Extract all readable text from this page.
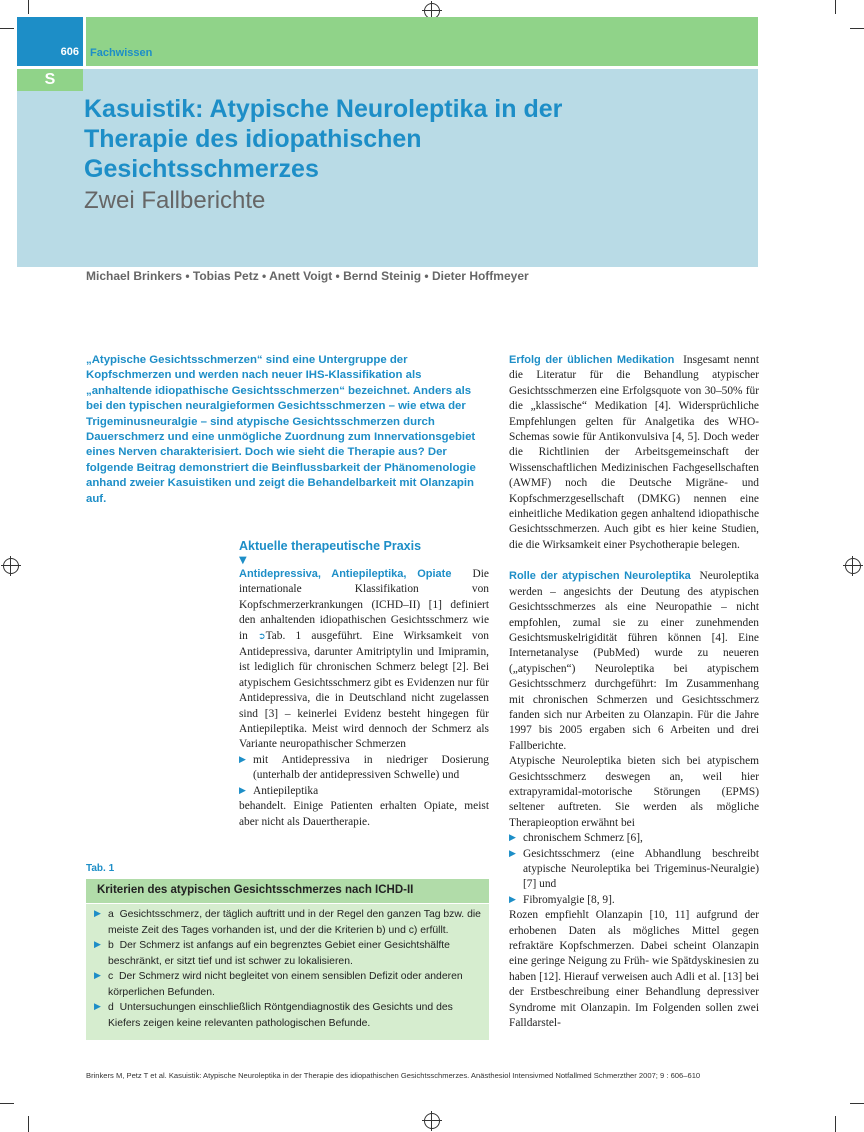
606 Fachwissen
S
Kasuistik: Atypische Neuroleptika in der Therapie des idiopathischen Gesichtsschmerzes
Zwei Fallberichte
Michael Brinkers • Tobias Petz • Anett Voigt • Bernd Steinig • Dieter Hoffmeyer
„Atypische Gesichtsschmerzen“ sind eine Untergruppe der Kopfschmerzen und werden nach neuer IHS-Klassifikation als „anhaltende idiopathische Gesichtsschmerzen“ bezeichnet. Anders als bei den typischen neuralgieformen Gesichtsschmerzen – wie etwa der Trigeminusneuralgie – sind atypische Gesichtsschmerzen durch Dauerschmerz und eine unmögliche Zuordnung zum Innervationsgebiet eines Nerven charakterisiert. Doch wie sieht die Therapie aus? Der folgende Beitrag demonstriert die Beinflussbarkeit der Phänomenologie anhand zweier Kasuistiken und zeigt die Behandelbarkeit mit Olanzapin auf.
Aktuelle therapeutische Praxis
▼

Antidepressiva, Antiepileptika, Opiate Die internationale Klassifikation von Kopfschmerzerkrankungen (ICHD–II) [1] definiert den anhaltenden idiopathischen Gesichtsschmerz wie in ➲Tab. 1 ausgeführt. Eine Wirksamkeit von Antidepressiva, darunter Amitriptylin und Imipramin, ist lediglich für chronischen Schmerz belegt [2]. Bei atypischem Gesichtsschmerz gibt es Evidenzen nur für Antidepressiva, die in Deutschland nicht zugelassen sind [3] – keinerlei Evidenz besteht hingegen für Antiepileptika. Meist wird dennoch der Schmerz als Variante neuropathischer Schmerzen

▶ mit Antidepressiva in niedriger Dosierung (unterhalb der antidepressiven Schwelle) und
▶ Antiepileptika

behandelt. Einige Patienten erhalten Opiate, meist aber nicht als Dauertherapie.

Erfolg der üblichen Medikation Insgesamt nennt die Literatur für die Behandlung atypischer Gesichtsschmerzen eine Erfolgsquote von 30–50% für die „klassische“ Medikation [4]. Widersprüchliche Empfehlungen gelten für Analgetika des WHO-Schemas sowie für Antikonvulsiva [4, 5]. Doch weder die Richtlinien der Arbeitsgemeinschaft der Wissenschaftlichen Medizinischen Fachgesellschaften (AWMF) noch die Deutsche Migräne- und Kopfschmerzgesellschaft (DMKG) nennen eine einheitliche Medikation gegen anhaltend idiopathische Gesichtsschmerzen. Auch gibt es hier keine Studien, die die Wirksamkeit einer Psychotherapie belegen.

Rolle der atypischen Neuroleptika Neuroleptika werden – angesichts der Deutung des atypischen Gesichtsschmerzes als eine Neuropathie – nicht empfohlen, zumal sie zu einer zunehmenden Gesichtsmuskelrigidität führen können [4]. Eine Internetanalyse (PubMed) wurde zu neueren („atypischen“) Neuroleptika bei atypischem Gesichtsschmerz durchgeführt: Im Zusammenhang mit chronischen Schmerzen und Gesichtsschmerz fanden sich nur Arbeiten zu Olanzapin. Für die Jahre 1997 bis 2005 ergaben sich 6 Arbeiten und drei Fallberichte.

Atypische Neuroleptika bieten sich bei atypischem Gesichtsschmerz deswegen an, weil hier extrapyramidal-motorische Störungen (EPMS) seltener auftreten. Sie werden als mögliche Therapieoption erwähnt bei

▶ chronischem Schmerz [6],
▶ Gesichtsschmerz (eine Abhandlung beschreibt atypische Neuroleptika bei Trigeminus-Neuralgie) [7] und
▶ Fibromyalgie [8, 9].

Rozen empfiehlt Olanzapin [10, 11] aufgrund der erhobenen Daten als mögliches Mittel gegen refraktäre Kopfschmerzen. Dabei scheint Olanzapin eine geringe Neigung zu Früh- wie Spätdyskinesien zu haben [12]. Hierauf verweisen auch Adli et al. [13] bei der Erstbeschreibung einer Behandlung depressiver Syndrome mit Olanzapin. Im Folgenden sollen zwei Falldarstel-

Tab. 1
Kriterien des atypischen Gesichtsschmerzes nach ICHD-II
▶ a Gesichtsschmerz, der täglich auftritt und in der Regel den ganzen Tag bzw. die meiste Zeit des Tages vorhanden ist, und der die Kriterien b) und c) erfüllt.
▶ b Der Schmerz ist anfangs auf ein begrenztes Gebiet einer Gesichtshälfte beschränkt, er sitzt tief und ist schwer zu lokalisieren.
▶ c Der Schmerz wird nicht begleitet von einem sensiblen Defizit oder anderen körperlichen Befunden.
▶ d Untersuchungen einschließlich Röntgendiagnostik des Gesichts und des Kiefers zeigen keine relevanten pathologischen Befunde.
Brinkers M, Petz T et al. Kasuistik: Atypische Neuroleptika in der Therapie des idiopathischen Gesichtsschmerzes. Anästhesiol Intensivmed Notfallmed Schmerzther 2007; 9 : 606–610
